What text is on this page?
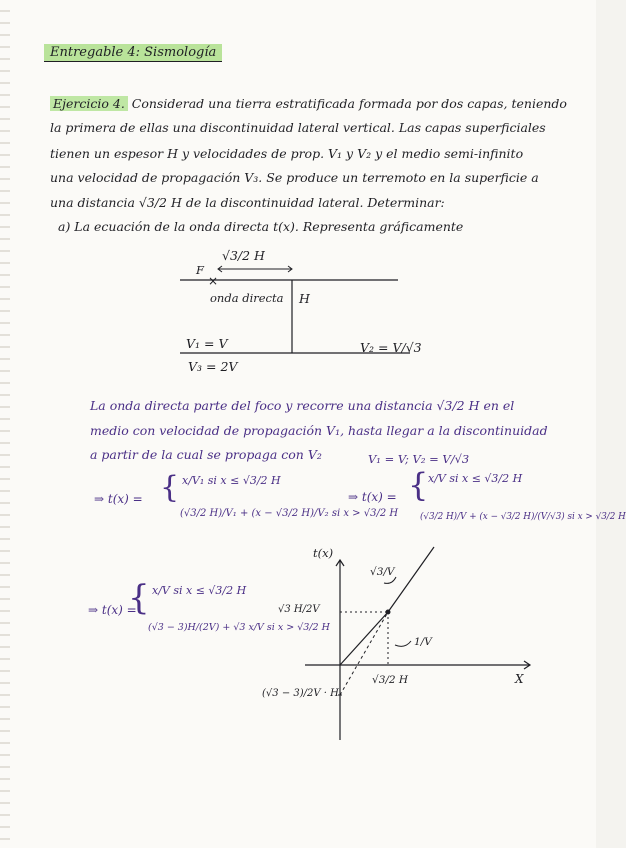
Entregable 4: Sismología
Ejercicio 4. Considerad una tierra estratificada formada por dos capas, teniendo
la primera de ellas una discontinuidad lateral vertical. Las capas superficiales
tienen un espesor H y velocidades de prop. V₁ y V₂ y el medio semi-infinito
una velocidad de propagación V₃. Se produce un terremoto en la superficie a
una distancia √3/2 H de la discontinuidad lateral. Determinar:
a) La ecuación de la onda directa t(x). Representa gráficamente
×
√3/2 H
F
onda directa H
V₁ = V	V₂ = V/√3
V₃ = 2V
La onda directa parte del foco y recorre una distancia √3/2 H en el
medio con velocidad de propagación V₁, hasta llegar a la discontinuidad
a partir de la cual se propaga con V₂	V₁ = V; V₂ = V/√3
⇒ t(x) = { x/V₁ si x ≤ √3/2 H
(√3/2 H)/V₁ + (x − √3/2 H)/V₂ si x > √3/2 H
⇒ t(x) = { x/V si x ≤ √3/2 H
(√3/2 H)/V + (x − √3/2 H)/(V/√3) si x > √3/2 H
⇒ t(x) =
{ x/V si x ≤ √3/2 H
(√3 − 3)H/(2V) + √3 x/V si x > √3/2 H
t(x)
X
√3/V
1/V
√3 H/2V
√3/2 H
(√3 − 3)/2V · H
